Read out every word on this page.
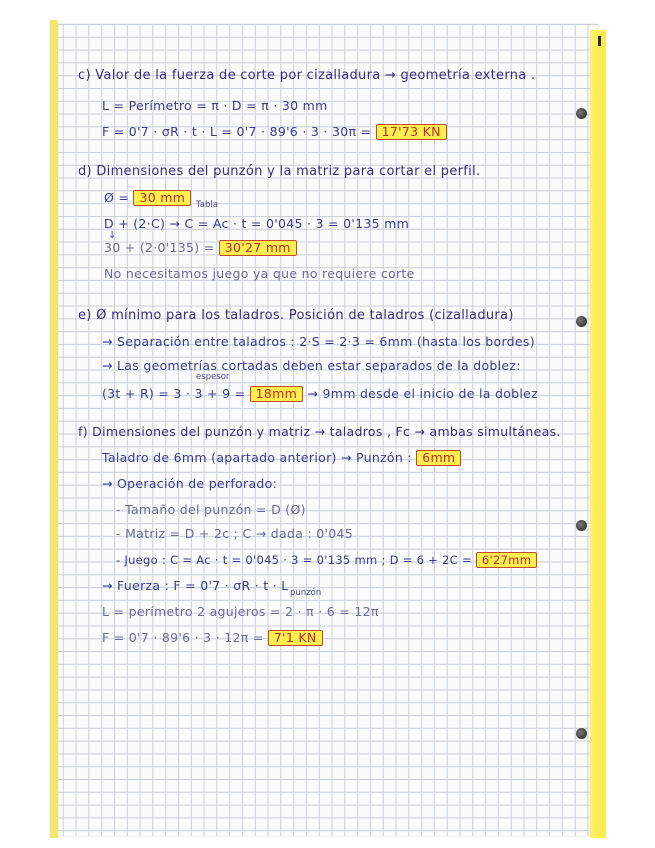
c) Valor de la fuerza de corte por cizalladura → geometría externa .
L = Perímetro = π · D = π · 30 mm
F = 0'7 · σR · t · L = 0'7 · 89'6 · 3 · 30π = 17'73 KN
d) Dimensiones del punzón y la matriz para cortar el perfil.
Ø = 30 mm	Tabla
D + (2·C) → C = Ac · t = 0'045 · 3 = 0'135 mm
↓
30 + (2·0'135) = 30'27 mm
No necesitamos juego ya que no requiere corte
e) Ø mínimo para los taladros. Posición de taladros (cizalladura)
→ Separación entre taladros : 2·S = 2·3 = 6mm (hasta los bordes)
→ Las geometrías cortadas deben estar separados de la doblez:
espesor
(3t + R) = 3 · 3 + 9 = 18mm → 9mm desde el inicio de la doblez
f) Dimensiones del punzón y matriz → taladros , Fc → ambas simultáneas.
Taladro de 6mm (apartado anterior) → Punzón : 6mm
→ Operación de perforado:
- Tamaño del punzón = D (Ø)
- Matriz = D + 2c ; C → dada : 0'045
- Juego : C = Ac · t = 0'045 · 3 = 0'135 mm ; D = 6 + 2C = 6'27mm
→ Fuerza : F = 0'7 · σR · t · L punzón
L = perímetro 2 agujeros = 2 · π · 6 = 12π
F = 0'7 · 89'6 · 3 · 12π = 7'1 KN
